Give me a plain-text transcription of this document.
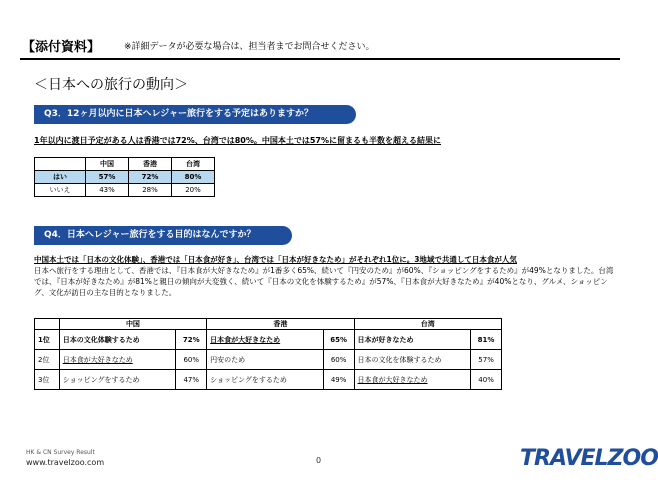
【添付資料】	※詳細データが必要な場合は、担当者までお問合せください。
＜日本への旅行の動向＞
Q3．12ヶ月以内に日本へレジャー旅行をする予定はありますか？
1年以内に渡日予定がある人は香港では72%、台湾では80%。中国本土では57%に留まるも半数を超える結果に
	中国	香港	台湾
はい	57%	72%	80%
いいえ	43%	28%	20%
Q4．日本へレジャー旅行をする目的はなんですか？

中国本土では「日本の文化体験」、香港では「日本食が好き」、台湾では「日本が好きなため」がそれぞれ1位に。3地域で共通して日本食が人気

日本へ旅行をする理由として、香港では、『日本食が大好きなため』が1番多く65%、続いて『円安のため』が60%、『ショッピングをするため』が49%となりました。台湾では、『日本が好きなため』が81%と親日の傾向が大変強く、続いて『日本の文化を体験するため』が57%、『日本食が大好きなため』が40%となり、グルメ、ショッピング、文化が訪日の主な目的となりました。

	中国		香港		台湾	
1位	日本の文化体験するため	72%	日本食が大好きなため	65%	日本が好きなため	81%
2位	日本食が大好きなため	60%	円安のため	60%	日本の文化を体験するため	57%
3位	ショッピングをするため	47%	ショッピングをするため	49%	日本食が大好きなため	40%
HK & CN Survey Result
www.travelzoo.com	0	TRAVELZOO
